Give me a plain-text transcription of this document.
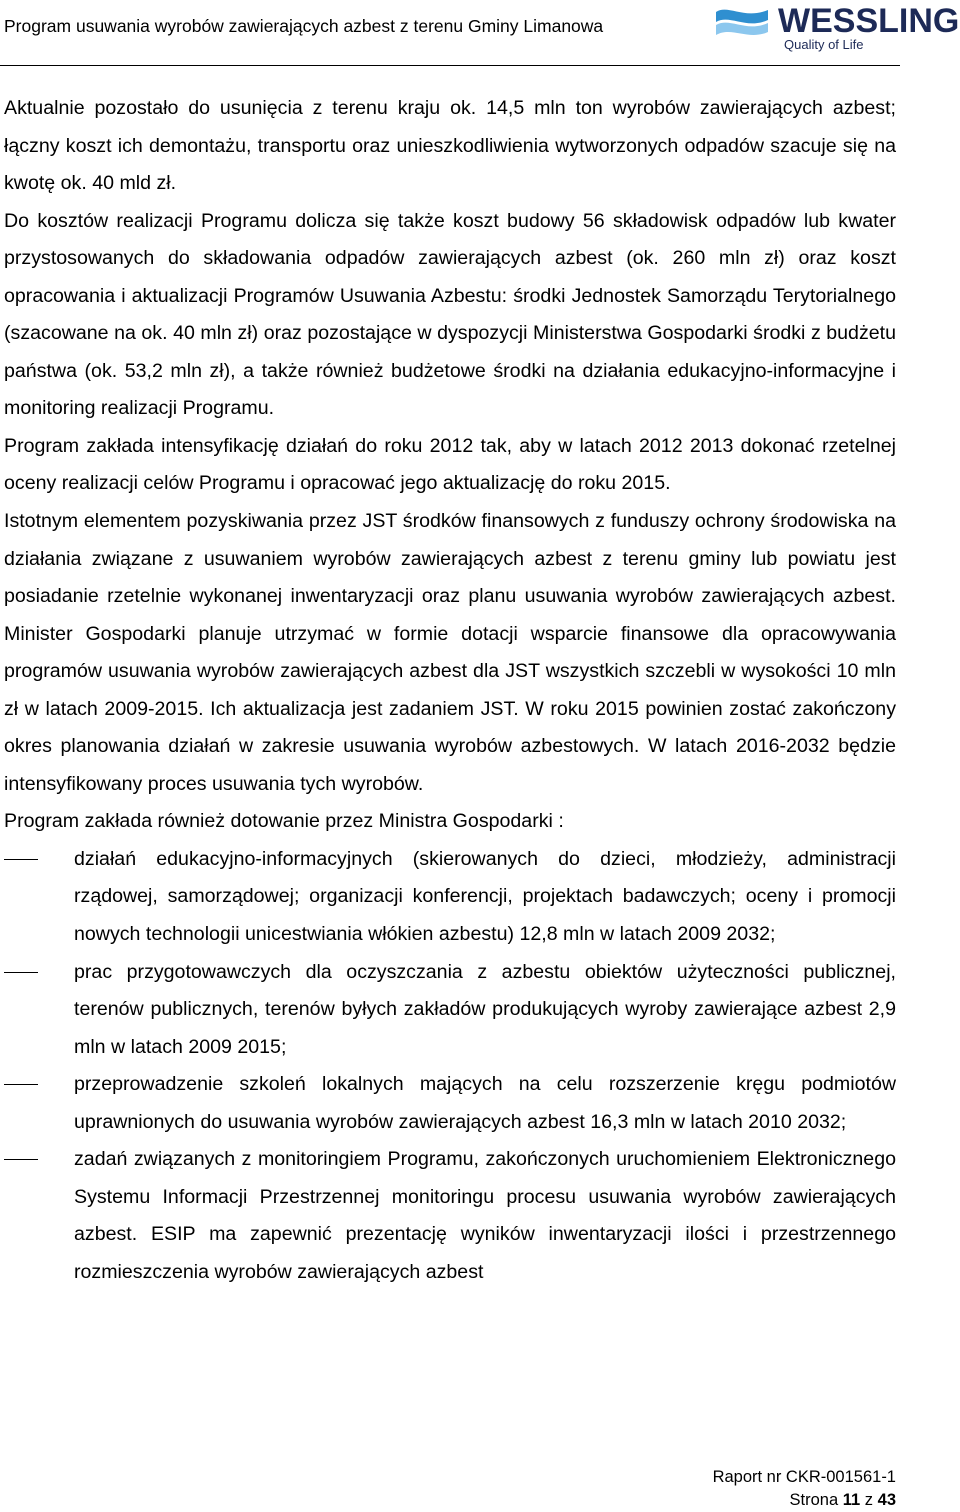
Program usuwania wyrobów zawierających azbest z terenu Gminy Limanowa	WESSLING
Quality of Life

Aktualnie pozostało do usunięcia z terenu kraju ok. 14,5 mln ton wyrobów zawierających azbest; łączny koszt ich demontażu, transportu oraz unieszkodliwienia wytworzonych odpadów szacuje się na kwotę ok. 40 mld zł.

Do kosztów realizacji Programu dolicza się także koszt budowy 56 składowisk odpadów lub kwater przystosowanych do składowania odpadów zawierających azbest (ok. 260 mln zł) oraz koszt opracowania i aktualizacji Programów Usuwania Azbestu: środki Jednostek Samorządu Terytorialnego (szacowane na ok. 40 mln zł) oraz pozostające w dyspozycji Ministerstwa Gospodarki środki z budżetu państwa (ok. 53,2 mln zł), a także również budżetowe środki na działania edukacyjno-informacyjne i monitoring realizacji Programu.

Program zakłada intensyfikację działań do roku 2012 tak, aby w latach 2012 2013 dokonać rzetelnej oceny realizacji celów Programu i opracować jego aktualizację do roku 2015.

Istotnym elementem pozyskiwania przez JST środków finansowych z funduszy ochrony środowiska na działania związane z usuwaniem wyrobów zawierających azbest z terenu gminy lub powiatu jest posiadanie rzetelnie wykonanej inwentaryzacji oraz planu usuwania wyrobów zawierających azbest. Minister Gospodarki planuje utrzymać w formie dotacji wsparcie finansowe dla opracowywania programów usuwania wyrobów zawierających azbest dla JST wszystkich szczebli w wysokości 10 mln zł w latach 2009-2015. Ich aktualizacja jest zadaniem JST. W roku 2015 powinien zostać zakończony okres planowania działań w zakresie usuwania wyrobów azbestowych. W latach 2016-2032 będzie intensyfikowany proces usuwania tych wyrobów.

Program zakłada również dotowanie przez Ministra Gospodarki :

działań edukacyjno-informacyjnych (skierowanych do dzieci, młodzieży, administracji rządowej, samorządowej; organizacji konferencji, projektach badawczych; oceny i promocji nowych technologii unicestwiania włókien azbestu) 12,8 mln w latach 2009 2032;
prac przygotowawczych dla oczyszczania z azbestu obiektów użyteczności publicznej, terenów publicznych, terenów byłych zakładów produkujących wyroby zawierające azbest 2,9 mln w latach 2009 2015;
przeprowadzenie szkoleń lokalnych mających na celu rozszerzenie kręgu podmiotów uprawnionych do usuwania wyrobów zawierających azbest 16,3 mln w latach 2010 2032;
zadań związanych z monitoringiem Programu, zakończonych uruchomieniem Elektronicznego Systemu Informacji Przestrzennej monitoringu procesu usuwania wyrobów zawierających azbest. ESIP ma zapewnić prezentację wyników inwentaryzacji ilości i przestrzennego rozmieszczenia wyrobów zawierających azbest
Raport nr CKR-001561-1
Strona 11 z 43
